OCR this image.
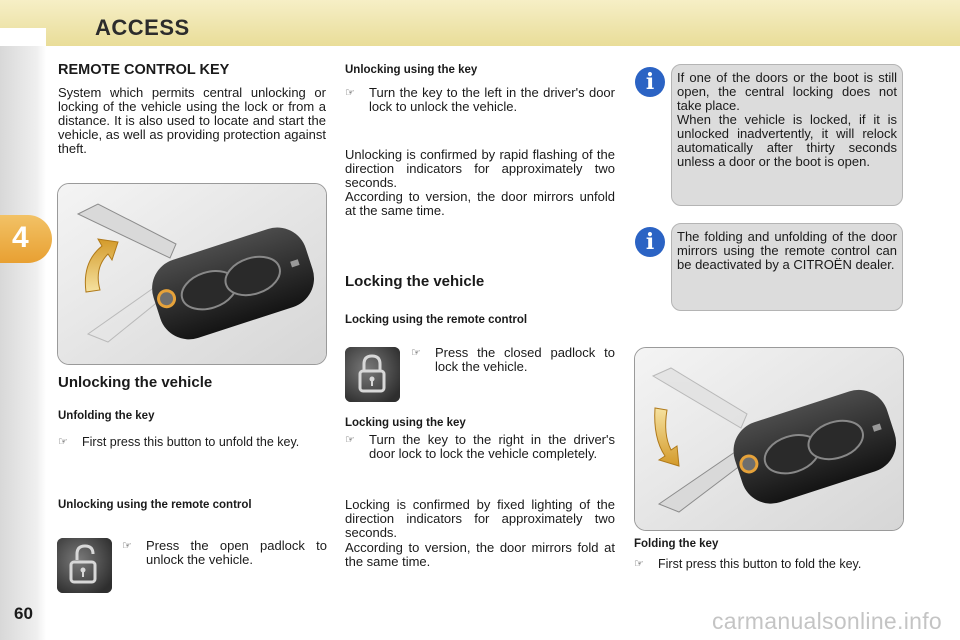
ACCESS
4
60
REMOTE CONTROL KEY
System which permits central unlocking or locking of the vehicle using the lock or from a distance. It is also used to locate and start the vehicle, as well as providing protection against theft.
Unlocking the vehicle
Unfolding the key
☞ First press this button to unfold the key.
Unlocking using the remote control
☞ Press the open padlock to unlock the vehicle.
Unlocking using the key
☞ Turn the key to the left in the driver's door lock to unlock the vehicle.
Unlocking is confirmed by rapid flashing of the direction indicators for approximately two seconds.
According to version, the door mirrors unfold at the same time.
Locking the vehicle
Locking using the remote control
☞ Press the closed padlock to lock the vehicle.
Locking using the key
☞ Turn the key to the right in the driver's door lock to lock the vehicle completely.
Locking is confirmed by fixed lighting of the direction indicators for approximately two seconds.
According to version, the door mirrors fold at the same time.
If one of the doors or the boot is still open, the central locking does not take place.
When the vehicle is locked, if it is unlocked inadvertently, it will relock automatically after thirty seconds unless a door or the boot is open.
i
The folding and unfolding of the door mirrors using the remote control can be deactivated by a CITROËN dealer.
i
Folding the key
☞ First press this button to fold the key.
carmanualsonline.info
